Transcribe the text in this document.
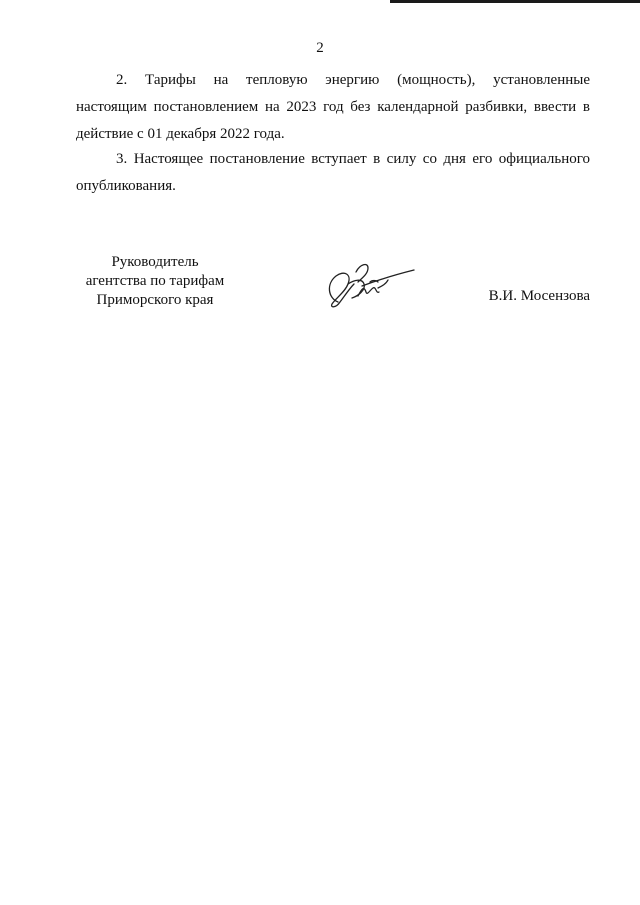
2
2. Тарифы на тепловую энергию (мощность), установленные
настоящим постановлением на 2023 год без календарной разбивки, ввести в
действие с 01 декабря 2022 года.
3. Настоящее постановление вступает в силу со дня его официального
опубликования.
Руководитель
агентства по тарифам
Приморского края	В.И. Мосензова
